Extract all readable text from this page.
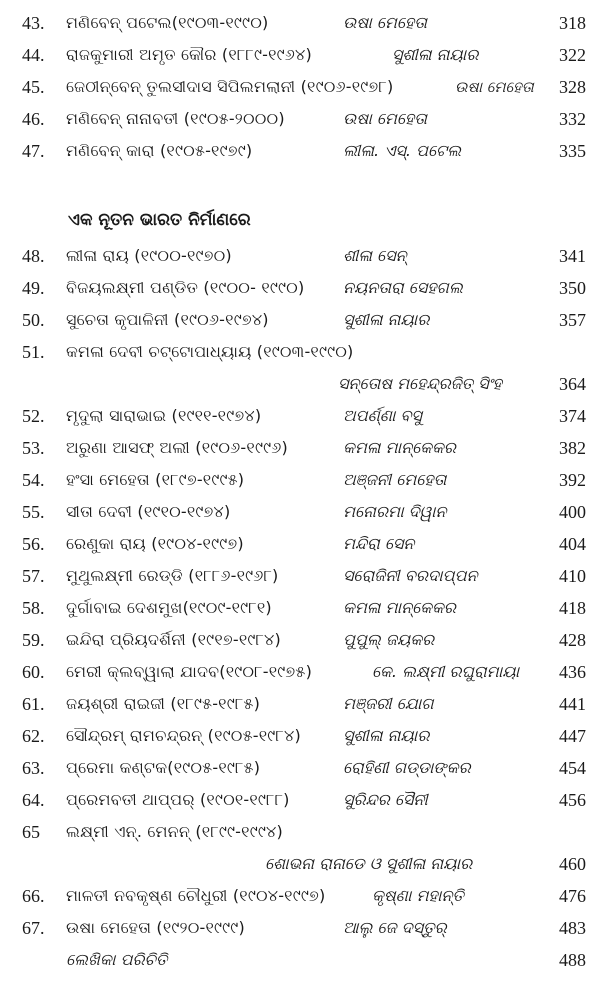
43.	ମଣିବେନ୍ ପଟେଲ(୧୯୦୩-୧୯୯୦)	ଉଷା ମେହେତା	318
44.	ରାଜକୁମାରୀ ଅମୃତ କୌର (୧୮୮୯-୧୯୬୪)	ସୁଶୀଳା ନାୟାର	322
45.	ଜେଠୀନ୍‌ବେନ୍ ତୁଲସୀଦାସ ସିପିଲମଲାନୀ (୧୯୦୬-୧୯୭୮)	ଉଷା ମେହେତା	328
46.	ମଣିବେନ୍ ନାନାବତୀ (୧୯୦୫-୨୦୦୦)	ଉଷା ମେହେତା	332
47.	ମଣିବେନ୍ କାରା (୧୯୦୫-୧୯୭୯)	ଲୀଳା. ଏସ୍. ପଟେଲ	335
ଏକ ନୂତନ ଭାରତ ନିର୍ମାଣରେ
48.	ଲୀଳା ରାୟ (୧୯୦୦-୧୯୭୦)	ଶୀଳା ସେନ୍	341
49.	ବିଜୟଲକ୍ଷ୍ମୀ ପଣ୍ଡିତ (୧୯୦୦- ୧୯୯୦)	ନୟନତାରା ସେହଗଲ	350
50.	ସୁଚେତା କୃପାଳିନୀ (୧୯୦୬-୧୯୭୪)	ସୁଶୀଳା ନାୟାର	357
51.	କମଳା ଦେବୀ ଚଟ୍ଟୋପାଧ୍ୟାୟ (୧୯୦୩-୧୯୯୦)
ସନ୍ତୋଷ ମହେନ୍ଦ୍ରଜିତ୍ ସିଂହ	364
52.	ମୃଦୁଲା ସାରାଭାଇ (୧୯୧୧-୧୯୭୪)	ଅପର୍ଣ୍ଣା ବସୁ	374
53.	ଅରୁଣା ଆସଫ୍ ଅଲୀ (୧୯୦୬-୧୯୯୬)	କମଳା ମାନ୍‌କେକର	382
54.	ହଂସା ମେହେତା (୧୮୯୭-୧୯୯୫)	ଅଞ୍ଜନୀ ମେହେତା	392
55.	ସୀତା ଦେବୀ (୧୯୧୦-୧୯୭୪)	ମନୋରମା ଦିୱାନ	400
56.	ରେଣୁକା ରାୟ (୧୯୦୪-୧୯୯୭)	ମନ୍ଦିରା ସେନ	404
57.	ମୁଥୁଲକ୍ଷ୍ମୀ ରେଡ୍ଡି (୧୮୮୬-୧୯୬୮)	ସରୋଜିନୀ ବରଦାପ୍ପନ	410
58.	ଦୁର୍ଗାବାଇ ଦେଶମୁଖ(୧୯୦୯-୧୯୮୧)	କମଳା ମାନ୍‌କେକର	418
59.	ଇନ୍ଦିରା ପ୍ରିୟଦର୍ଶିନୀ (୧୯୧୭-୧୯୮୪)	ପୁପୁଲ୍ ଜୟକର	428
60.	ମେରୀ କ୍ଲବ୍‌ୱାଲା ଯାଦବ(୧୯୦୮-୧୯୭୫)	କେ. ଲକ୍ଷ୍ମୀ ରଘୁରାମାୟା	436
61.	ଜୟଶ୍ରୀ ରାଇଜୀ (୧୮୯୫-୧୯୮୫)	ମଞ୍ଜରୀ ଯୋଗ	441
62.	ସୌନ୍ଦ୍ରମ୍ ରାମଚନ୍ଦ୍ରନ୍ (୧୯୦୫-୧୯୮୪)	ସୁଶୀଳା ନାୟାର	447
63.	ପ୍ରେମା କଣ୍ଟକ(୧୯୦୫-୧୯୮୫)	ରୋହିଣୀ ଗଡ୍ଡାଙ୍କର	454
64.	ପ୍ରେମବତୀ ଥାପ୍ପର୍ (୧୯୦୧-୧୯୮୮)	ସୁରିନ୍ଦର ସୈନୀ	456
65	ଲକ୍ଷ୍ମୀ ଏନ୍. ମେନନ୍ (୧୮୯୯-୧୯୯୪)
ଶୋଭନା ରାନାଡେ ଓ ସୁଶୀଳା ନାୟାର	460
66.	ମାଳତୀ ନବକୃଷ୍ଣ ଚୌଧୁରୀ (୧୯୦୪-୧୯୯୭)	କୃଷ୍ଣା ମହାନ୍ତି	476
67.	ଉଷା ମେହେତା (୧୯୨୦-୧୯୯୯)	ଆଲୁ ଜେ ଦସ୍ତୁର୍	483
ଲେଖିକା ପରିଚିତି	488
